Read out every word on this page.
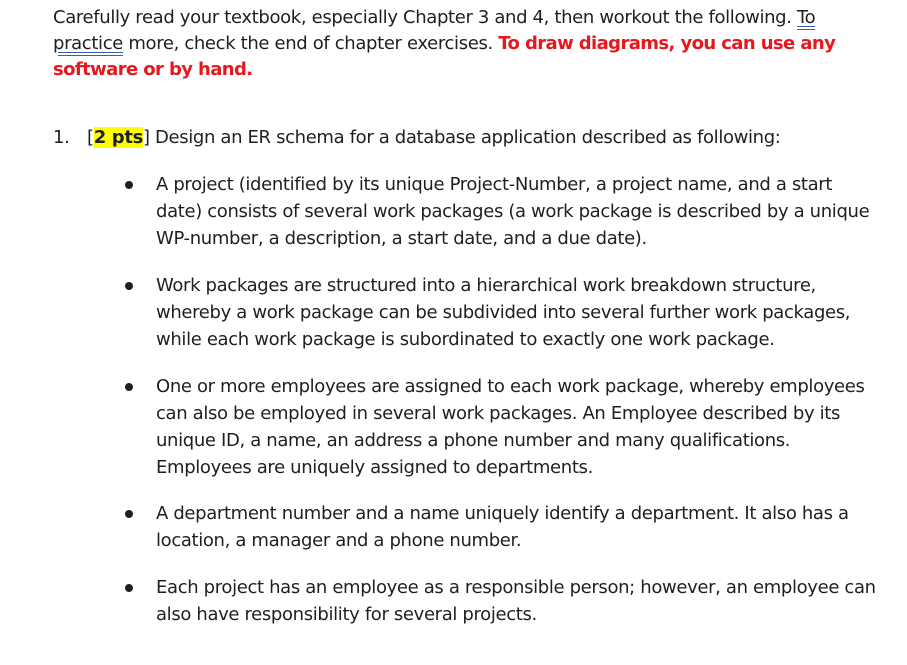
Carefully read your textbook, especially Chapter 3 and 4, then workout the following. To practice more, check the end of chapter exercises. To draw diagrams, you can use any software or by hand.
1. [2 pts] Design an ER schema for a database application described as following:
A project (identified by its unique Project-Number, a project name, and a start date) consists of several work packages (a work package is described by a unique WP-number, a description, a start date, and a due date).
Work packages are structured into a hierarchical work breakdown structure, whereby a work package can be subdivided into several further work packages, while each work package is subordinated to exactly one work package.
One or more employees are assigned to each work package, whereby employees can also be employed in several work packages. An Employee described by its unique ID, a name, an address a phone number and many qualifications. Employees are uniquely assigned to departments.
A department number and a name uniquely identify a department. It also has a location, a manager and a phone number.
Each project has an employee as a responsible person; however, an employee can also have responsibility for several projects.
